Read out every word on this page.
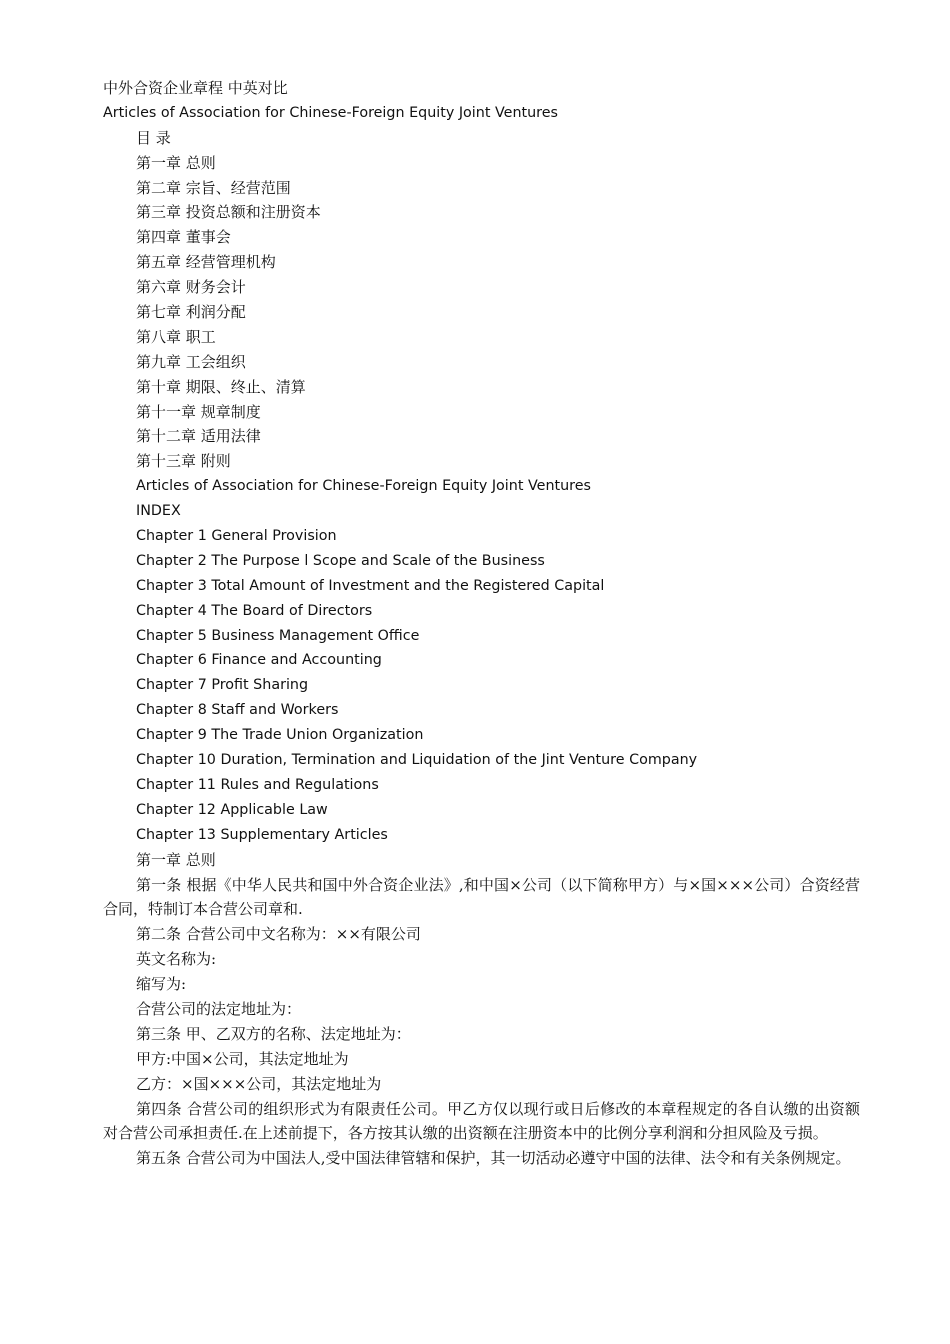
中外合资企业章程 中英对比
Articles of Association for Chinese-Foreign Equity Joint Ventures
目 录
第一章 总则
第二章 宗旨、经营范围
第三章 投资总额和注册资本
第四章 董事会
第五章 经营管理机构
第六章 财务会计
第七章 利润分配
第八章 职工
第九章 工会组织
第十章 期限、终止、清算
第十一章 规章制度
第十二章 适用法律
第十三章 附则
Articles of Association for Chinese-Foreign Equity Joint Ventures
INDEX
Chapter 1 General Provision
Chapter 2 The Purpose l Scope and Scale of the Business
Chapter 3 Total Amount of Investment and the Registered Capital
Chapter 4 The Board of Directors
Chapter 5 Business Management Office
Chapter 6 Finance and Accounting
Chapter 7 Profit Sharing
Chapter 8 Staff and Workers
Chapter 9 The Trade Union Organization
Chapter 10 Duration, Termination and Liquidation of the Jint Venture Company
Chapter 11 Rules and Regulations
Chapter 12 Applicable Law
Chapter 13 Supplementary Articles
第一章 总则

第一条 根据《中华人民共和国中外合资企业法》,和中国×公司（以下简称甲方）与×国×××公司）合资经营合同，特制订本合营公司章和.

第二条 合营公司中文名称为：××有限公司
英文名称为:
缩写为:
合营公司的法定地址为：
第三条 甲、乙双方的名称、法定地址为：
甲方:中国×公司，其法定地址为
乙方：×国×××公司，其法定地址为

第四条 合营公司的组织形式为有限责任公司。甲乙方仅以现行或日后修改的本章程规定的各自认缴的出资额对合营公司承担责任.在上述前提下，各方按其认缴的出资额在注册资本中的比例分享利润和分担风险及亏损。

第五条 合营公司为中国法人,受中国法律管辖和保护，其一切活动必遵守中国的法律、法令和有关条例规定。
